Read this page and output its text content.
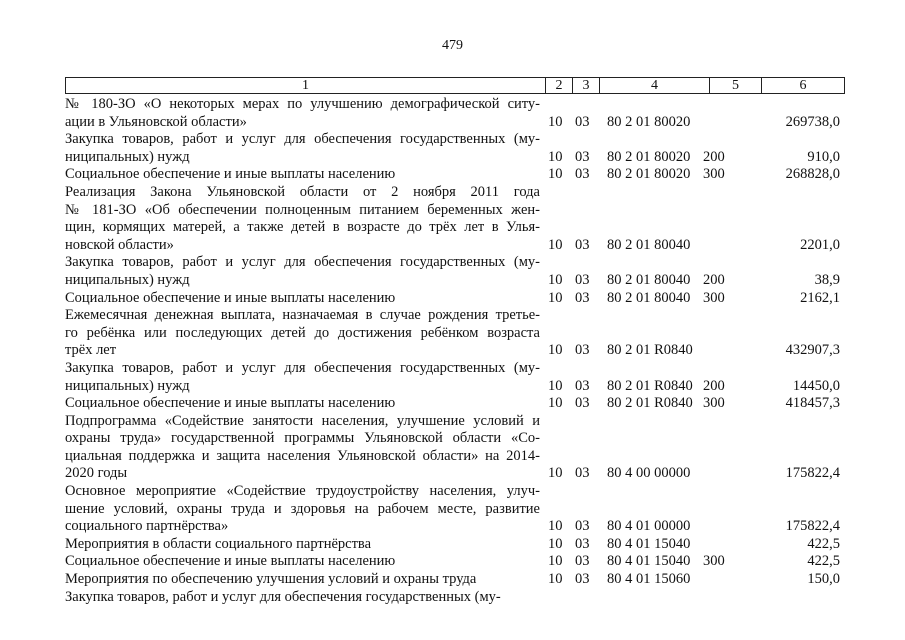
479
1	2	3	4	5	6
№ 180-ЗО «О некоторых мерах по улучшению демографической ситу-
ации в Ульяновской области»	10 03 80 2 01 80020	269738,0
Закупка товаров, работ и услуг для обеспечения государственных (му-
ниципальных) нужд	10 03 80 2 01 80020 200	910,0
Социальное обеспечение и иные выплаты населению	10 03 80 2 01 80020 300	268828,0
Реализация Закона Ульяновской области от 2 ноября 2011 года
№ 181-ЗО «Об обеспечении полноценным питанием беременных жен-
щин, кормящих матерей, а также детей в возрасте до трёх лет в Улья-
новской области»	10 03 80 2 01 80040	2201,0
Закупка товаров, работ и услуг для обеспечения государственных (му-
ниципальных) нужд	10 03 80 2 01 80040 200	38,9
Социальное обеспечение и иные выплаты населению	10 03 80 2 01 80040 300	2162,1
Ежемесячная денежная выплата, назначаемая в случае рождения третье-
го ребёнка или последующих детей до достижения ребёнком возраста
трёх лет	10 03 80 2 01 R0840	432907,3
Закупка товаров, работ и услуг для обеспечения государственных (му-
ниципальных) нужд	10 03 80 2 01 R0840 200	14450,0
Социальное обеспечение и иные выплаты населению	10 03 80 2 01 R0840 300	418457,3
Подпрограмма «Содействие занятости населения, улучшение условий и
охраны труда» государственной программы Ульяновской области «Со-
циальная поддержка и защита населения Ульяновской области» на 2014-
2020 годы	10 03 80 4 00 00000	175822,4
Основное мероприятие «Содействие трудоустройству населения, улуч-
шение условий, охраны труда и здоровья на рабочем месте, развитие
социального партнёрства»	10 03 80 4 01 00000	175822,4
Мероприятия в области социального партнёрства	10 03 80 4 01 15040	422,5
Социальное обеспечение и иные выплаты населению	10 03 80 4 01 15040 300	422,5
Мероприятия по обеспечению улучшения условий и охраны труда	10 03 80 4 01 15060	150,0
Закупка товаров, работ и услуг для обеспечения государственных (му-
